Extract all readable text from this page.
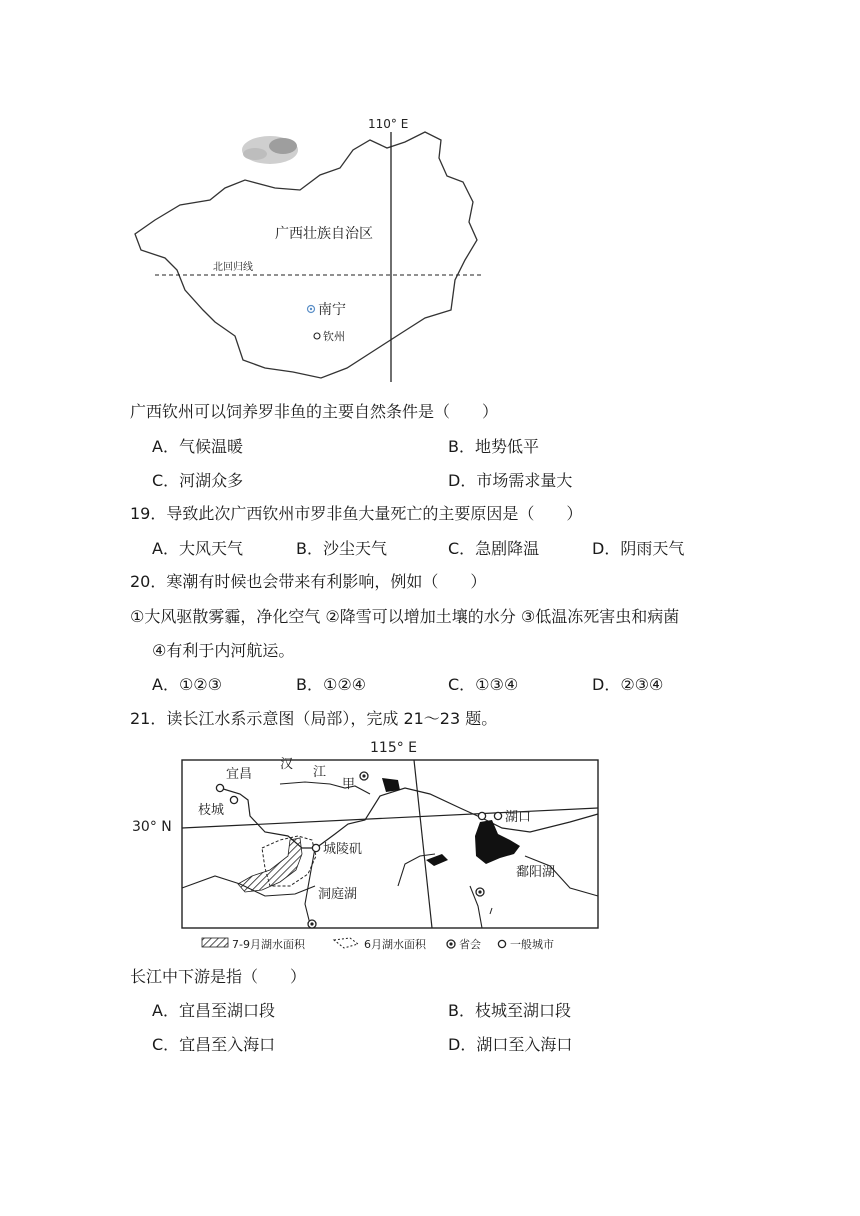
110° E
北回归线
广西壮族自治区
南宁
钦州
广西钦州可以饲养罗非鱼的主要自然条件是（　　）
A．气候温暖	B．地势低平
C．河湖众多	D．市场需求量大
19．导致此次广西钦州市罗非鱼大量死亡的主要原因是（　　）
A．大风天气	B．沙尘天气	C．急剧降温	D．阴雨天气
20．寒潮有时候也会带来有利影响，例如（　　）
①大风驱散雾霾，净化空气 ②降雪可以增加土壤的水分 ③低温冻死害虫和病菌
④有利于内河航运。
A．①②③	B．①②④	C．①③④	D．②③④
21．读长江水系示意图（局部），完成 21～23 题。
115° E
30° N
宜昌
枝城
汉
江
甲
湖口
城陵矶
鄱阳湖
洞庭湖
7-9月湖水面积	6月湖水面积	省会	一般城市
长江中下游是指（　　）
A．宜昌至湖口段	B．枝城至湖口段
C．宜昌至入海口	D．湖口至入海口
